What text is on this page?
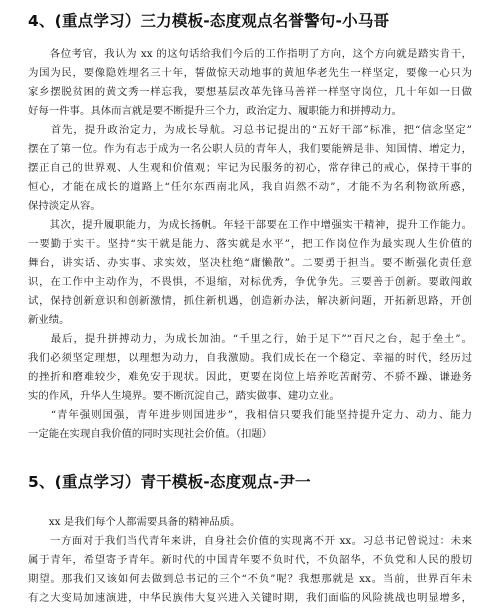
4、(重点学习）三力模板-态度观点名誉警句-小马哥
　　各位考官，我认为 xx 的这句话给我们今后的工作指明了方向，这个方向就是踏实肯干，
为国为民，要像隐姓埋名三十年，誓做惊天动地事的黄旭华老先生一样坚定，要像一心只为
家乡摆脱贫困的黄文秀一样忘我，要想基层改革先锋马善祥一样坚守岗位，几十年如一日做
好每一件事。具体而言就是要不断提升三个力，政治定力、履职能力和拼搏动力。
　　首先，提升政治定力，为成长导航。习总书记提出的“五好干部”标准，把“信念坚定”
摆在了第一位。作为有志于成为一名公职人员的青年人，我们要能辨是非、知国情、增定力，
摆正自己的世界观、人生观和价值观；牢记为民服务的初心，常存律己的戒心，保持干事的
恒心，才能在成长的道路上“任尔东西南北风，我自岿然不动”，才能不为名利物欲所惑，
保持淡定从容。
　　其次，提升履职能力，为成长扬帆。年轻干部要在工作中增强实干精神，提升工作能力。
一要勤于实干。坚持“实干就是能力、落实就是水平”，把工作岗位作为最实现人生价值的
舞台，讲实话、办实事、求实效，坚决杜绝“庸懒散”。二要勇于担当。要不断强化责任意
识，在工作中主动作为，不畏惧，不退缩，对标优秀，争优争先。三要善于创新。要敢闯敢
试，保持创新意识和创新激情，抓住新机遇，创造新办法，解决新问题，开拓新思路，开创
新业绩。
　　最后，提升拼搏动力，为成长加油。“千里之行，始于足下”“百尺之台，起于垒土”。
我们必须坚定理想，以理想为动力，自我激励。我们成长在一个稳定、幸福的时代，经历过
的挫折和磨难较少，难免安于现状。因此，更要在岗位上培养吃苦耐劳、不骄不躁、谦逊务
实的作风，升华人生境界。要不断沉淀自己，踏实做事、建功立业。
　　“青年强则国强，青年进步则国进步”，我相信只要我们能坚持提升定力、动力、能力
一定能在实现自我价值的同时实现社会价值。（扣题）
5、(重点学习）青干模板-态度观点-尹一
　　xx 是我们每个人都需要具备的精神品质。
　　一方面对于我们当代青年来讲，自身社会价值的实现离不开 xx。习总书记曾说过：未来
属于青年，希望寄予青年。新时代的中国青年要不负时代，不负韶华，不负党和人民的殷切
期望。那我们又该如何去做到总书记的三个“不负”呢？我想那就是 xx。当前，世界百年未
有之大变局加速演进，中华民族伟大复兴进入关键时期，我们面临的风险挑战也明显增多，
